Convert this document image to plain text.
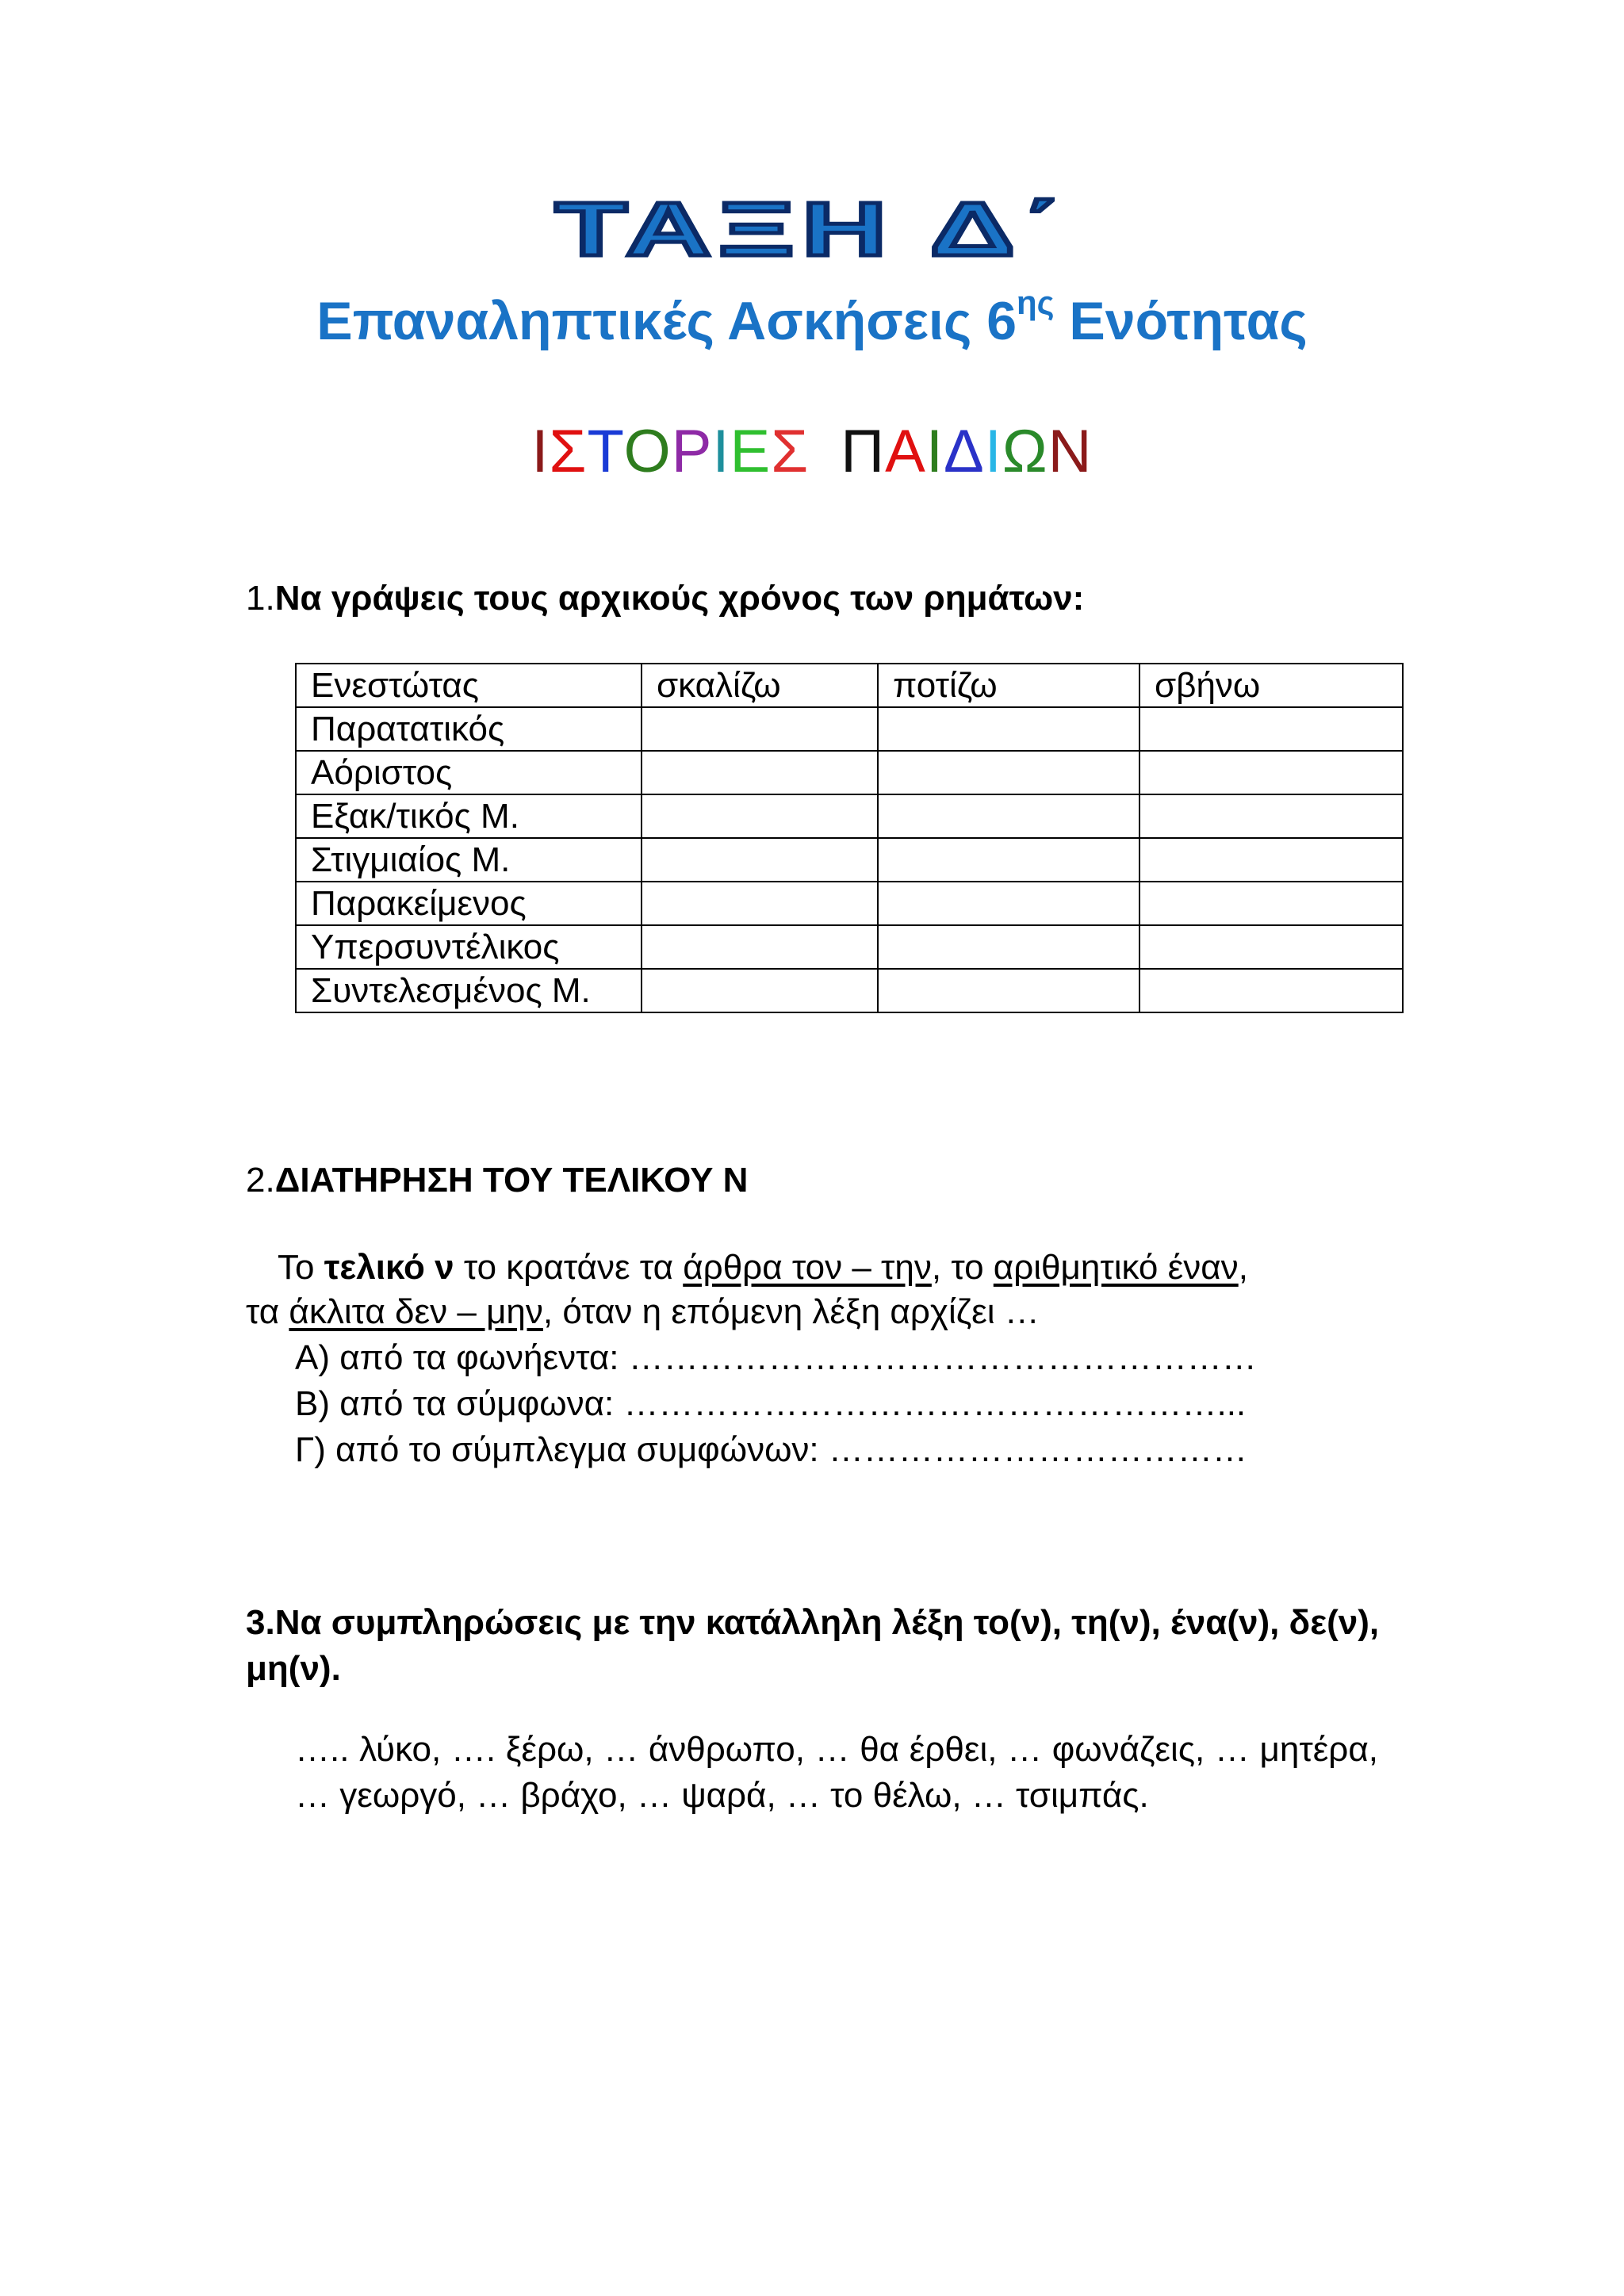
ΤΑΞΗ Δ΄
Επαναληπτικές Ασκήσεις $6^{\eta\varsigma}$ Ενότητας
ΙΣΤΟΡΙΕΣ ΠΑΙΔΙΩΝ
1.Να γράψεις τους αρχικούς χρόνος των ρημάτων:
Ενεστώτας	σκαλίζω	ποτίζω	σβήνω
Παρατατικός			
Αόριστος			
Εξακ/τικός Μ.			
Στιγμιαίος Μ.			
Παρακείμενος			
Υπερσυντέλικος			
Συντελεσμένος Μ.			
2.ΔΙΑΤΗΡΗΣΗ ΤΟΥ ΤΕΛΙΚΟΥ Ν
Το τελικό ν το κρατάνε τα άρθρα τον – την, το αριθμητικό έναν,
τα άκλιτα δεν – μην, όταν η επόμενη λέξη αρχίζει …
Α) από τα φωνήεντα: ………………………………………………
Β) από τα σύμφωνα: ……………………………………………...
Γ) από το σύμπλεγμα συμφώνων: ………………………………
3.Να συμπληρώσεις με την κατάλληλη λέξη το(ν), τη(ν), ένα(ν), δε(ν), μη(ν).
….. λύκο, …. ξέρω, … άνθρωπο, … θα έρθει, … φωνάζεις, … μητέρα, … γεωργό, … βράχο, … ψαρά, … το θέλω, … τσιμπάς.
